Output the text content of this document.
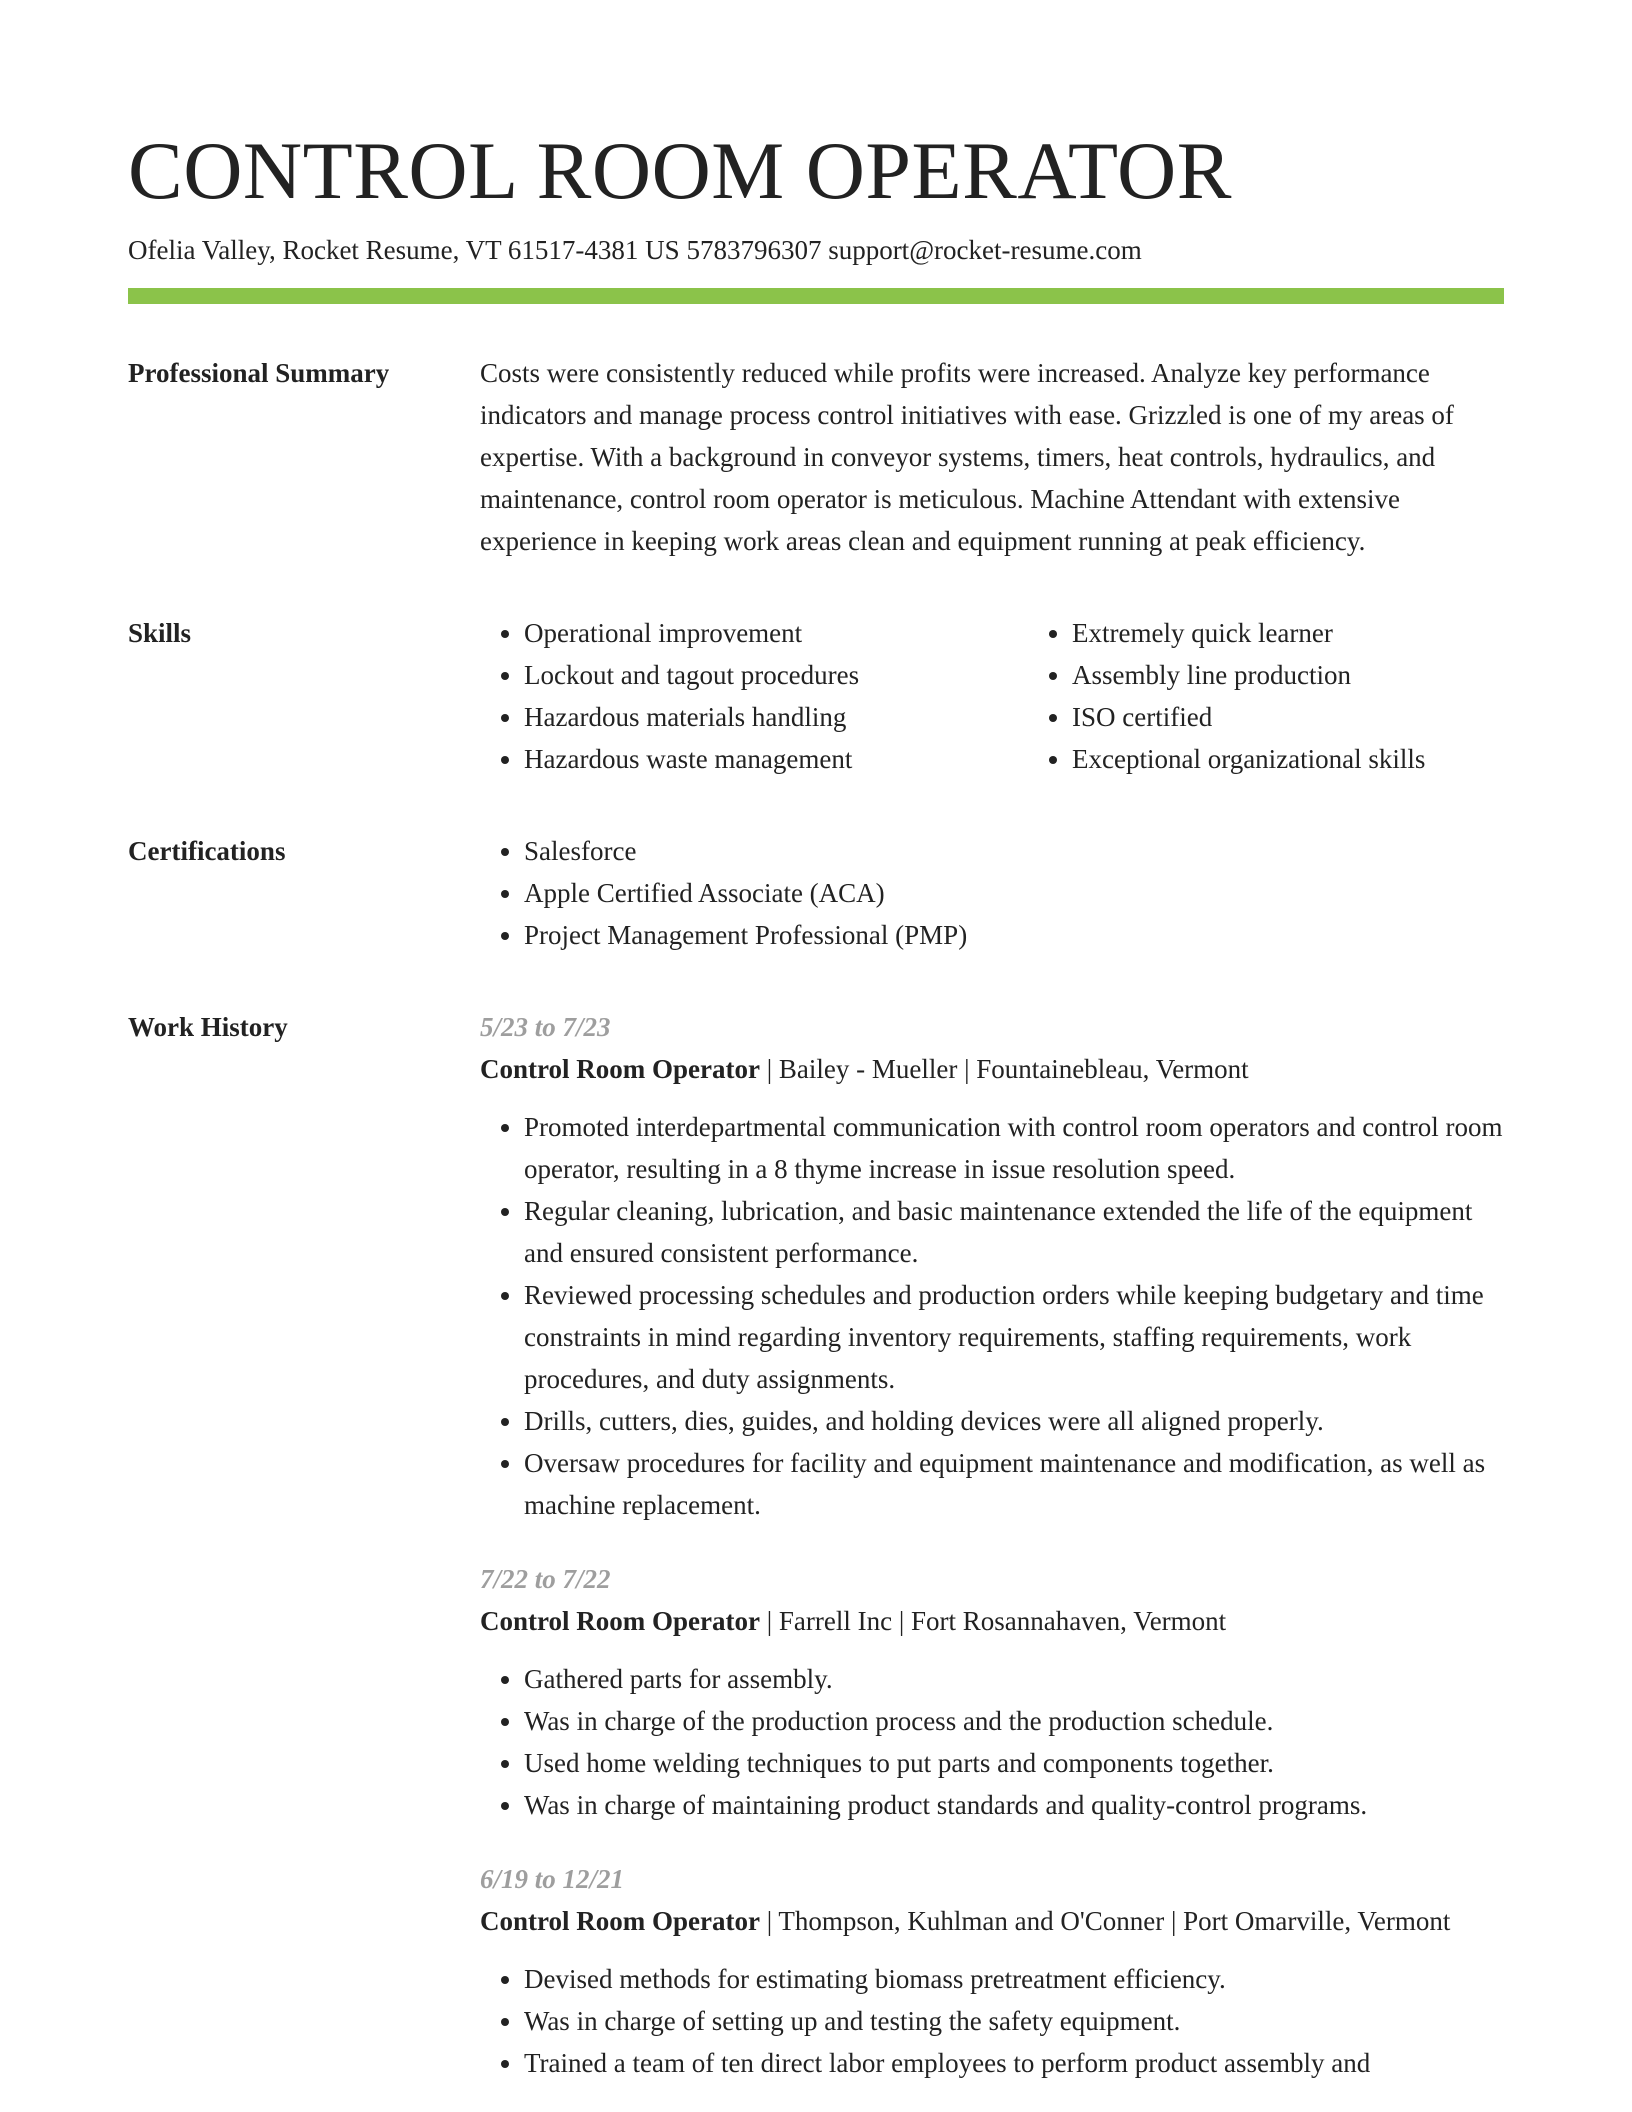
CONTROL ROOM OPERATOR
Ofelia Valley, Rocket Resume, VT 61517-4381 US 5783796307 support@rocket-resume.com
Professional Summary	Costs were consistently reduced while profits were increased. Analyze key performance indicators and manage process control initiatives with ease. Grizzled is one of my areas of expertise. With a background in conveyor systems, timers, heat controls, hydraulics, and maintenance, control room operator is meticulous. Machine Attendant with extensive experience in keeping work areas clean and equipment running at peak efficiency.

Skills	• Operational improvement
• Lockout and tagout procedures
• Hazardous materials handling
• Hazardous waste management
• Extremely quick learner
• Assembly line production
• ISO certified
• Exceptional organizational skills
Certifications	• Salesforce
• Apple Certified Associate (ACA)
• Project Management Professional (PMP)
Work History	5/23 to 7/23
Control Room Operator | Bailey - Mueller | Fountainebleau, Vermont
• Promoted interdepartmental communication with control room operators and control room operator, resulting in a 8 thyme increase in issue resolution speed.
• Regular cleaning, lubrication, and basic maintenance extended the life of the equipment and ensured consistent performance.
• Reviewed processing schedules and production orders while keeping budgetary and time constraints in mind regarding inventory requirements, staffing requirements, work procedures, and duty assignments.
• Drills, cutters, dies, guides, and holding devices were all aligned properly.
• Oversaw procedures for facility and equipment maintenance and modification, as well as machine replacement.
7/22 to 7/22
Control Room Operator | Farrell Inc | Fort Rosannahaven, Vermont
• Gathered parts for assembly.
• Was in charge of the production process and the production schedule.
• Used home welding techniques to put parts and components together.
• Was in charge of maintaining product standards and quality-control programs.
6/19 to 12/21
Control Room Operator | Thompson, Kuhlman and O'Conner | Port Omarville, Vermont
• Devised methods for estimating biomass pretreatment efficiency.
• Was in charge of setting up and testing the safety equipment.
• Trained a team of ten direct labor employees to perform product assembly and
